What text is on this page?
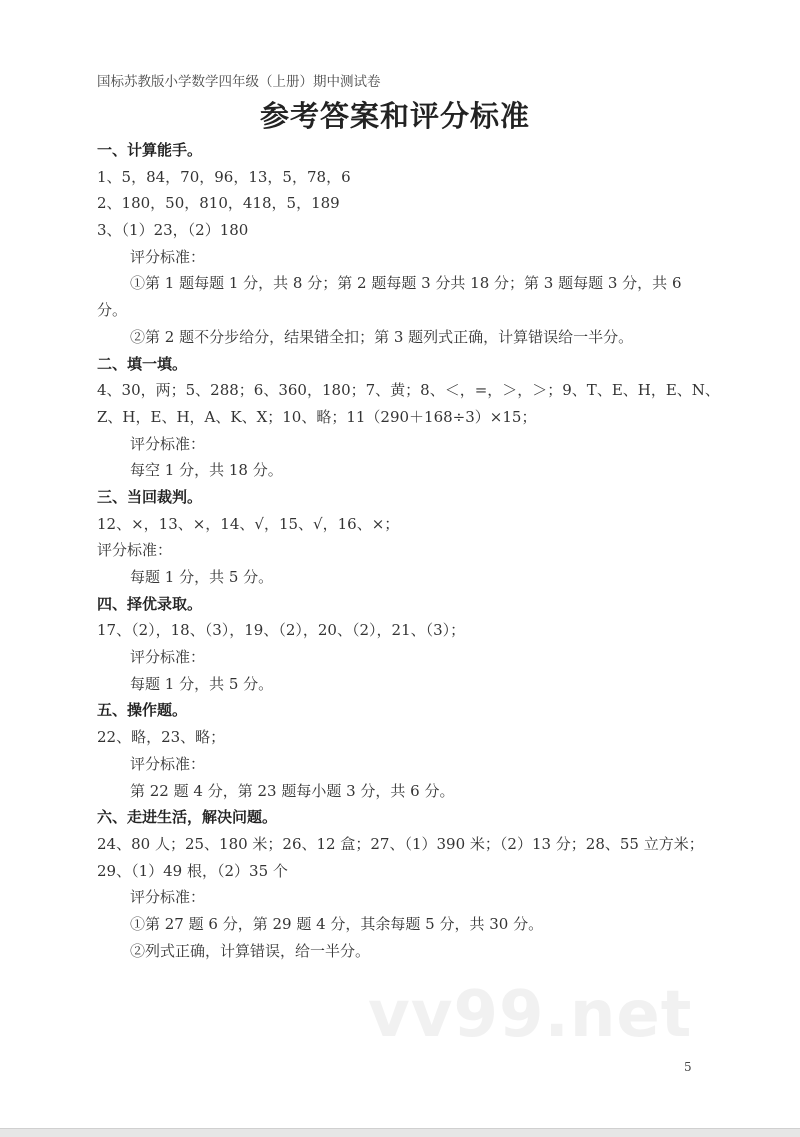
国标苏教版小学数学四年级（上册）期中测试卷
参考答案和评分标准
一、计算能手。
1、5，84，70，96，13，5，78，6
2、180，50，810，418，5，189
3、（1）23，（2）180
评分标准：
①第 1 题每题 1 分，共 8 分；第 2 题每题 3 分共 18 分；第 3 题每题 3 分，共 6
分。
②第 2 题不分步给分，结果错全扣；第 3 题列式正确，计算错误给一半分。
二、填一填。
4、30，两；5、288；6、360，180；7、黄；8、＜，=，＞，＞；9、T、E、H，E、N、
Z、H，E、H，A、K、X；10、略；11（290＋168÷3）×15；
评分标准：
每空 1 分，共 18 分。
三、当回裁判。
12、×，13、×，14、√，15、√，16、×；
评分标准：
每题 1 分，共 5 分。
四、择优录取。
17、（2），18、（3），19、（2），20、（2），21、（3）；
评分标准：
每题 1 分，共 5 分。
五、操作题。
22、略，23、略；
评分标准：
第 22 题 4 分，第 23 题每小题 3 分，共 6 分。
六、走进生活，解决问题。
24、80 人；25、180 米；26、12 盒；27、（1）390 米；（2）13 分；28、55 立方米；
29、（1）49 根，（2）35 个
评分标准：
①第 27 题 6 分，第 29 题 4 分，其余每题 5 分，共 30 分。
②列式正确，计算错误，给一半分。
vv99.net
5
